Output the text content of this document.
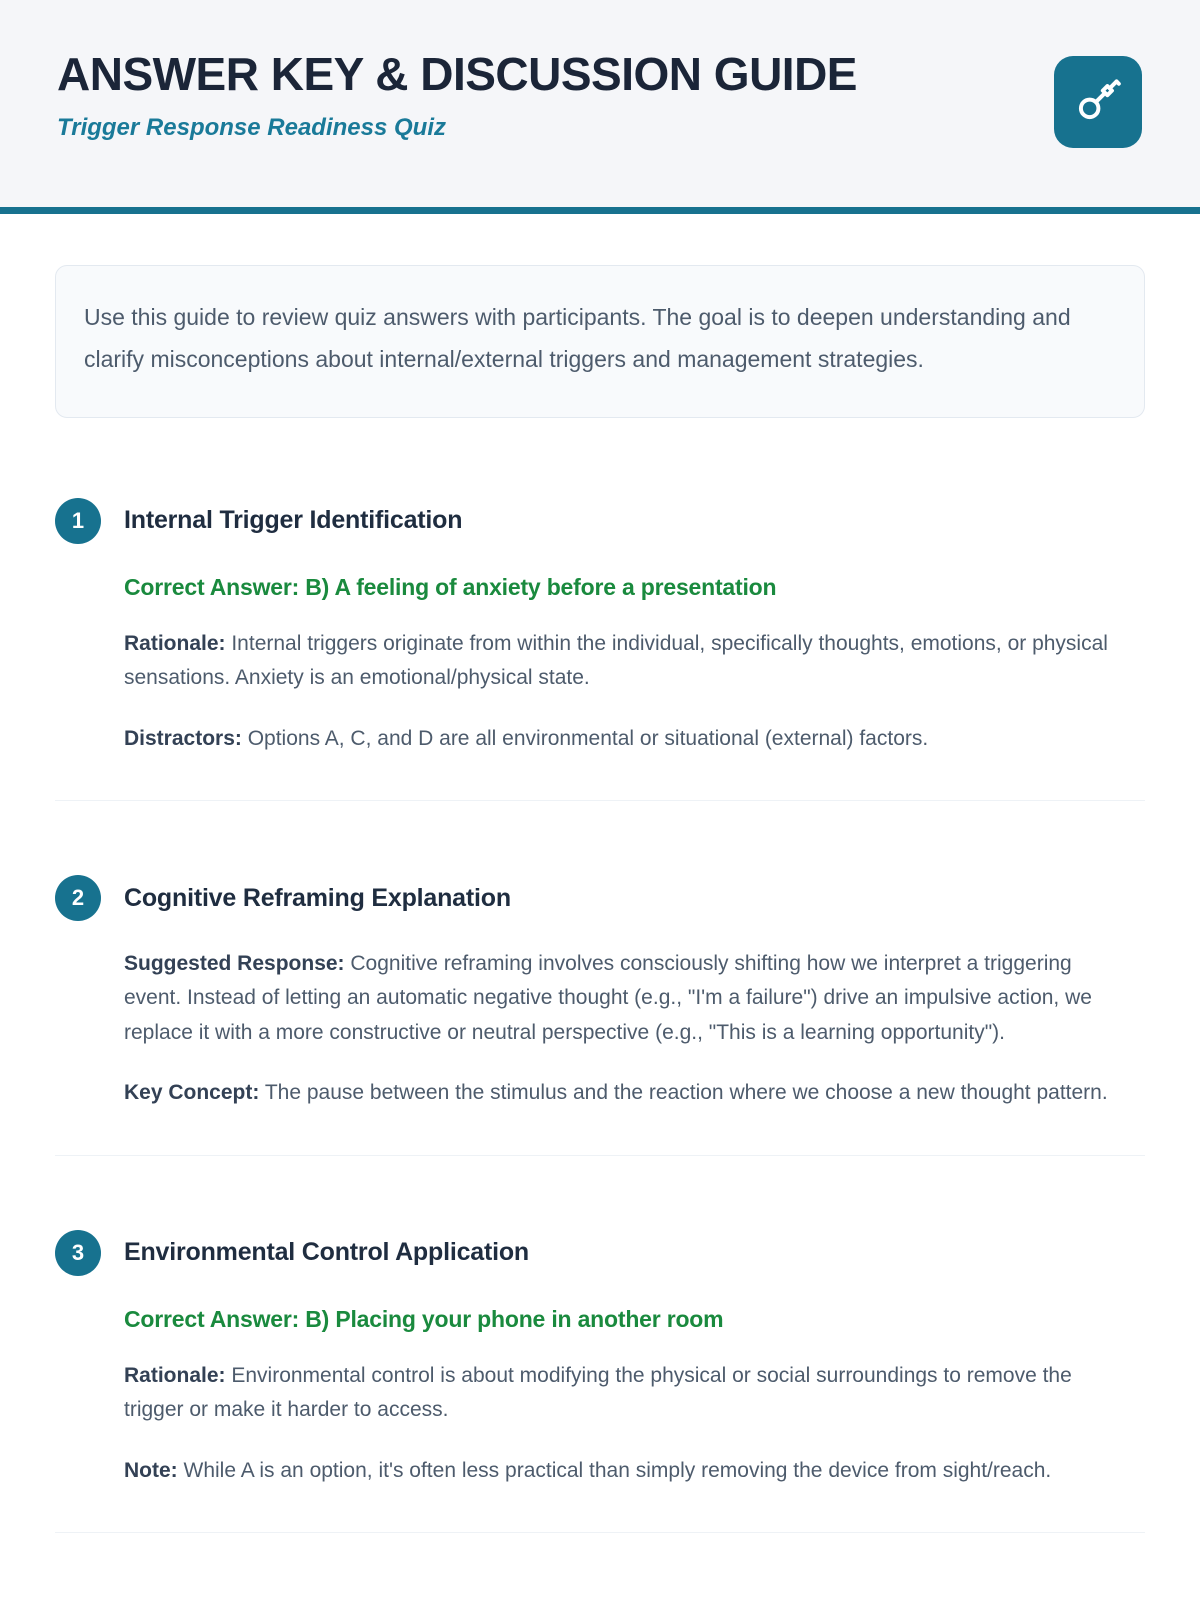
ANSWER KEY & DISCUSSION GUIDE
Trigger Response Readiness Quiz

Use this guide to review quiz answers with participants. The goal is to deepen understanding and clarify misconceptions about internal/external triggers and management strategies.

1 Internal Trigger Identification

Correct Answer: B) A feeling of anxiety before a presentation

Rationale: Internal triggers originate from within the individual, specifically thoughts, emotions, or physical sensations. Anxiety is an emotional/physical state.

Distractors: Options A, C, and D are all environmental or situational (external) factors.

2 Cognitive Reframing Explanation

Suggested Response: Cognitive reframing involves consciously shifting how we interpret a triggering event. Instead of letting an automatic negative thought (e.g., "I'm a failure") drive an impulsive action, we replace it with a more constructive or neutral perspective (e.g., "This is a learning opportunity").

Key Concept: The pause between the stimulus and the reaction where we choose a new thought pattern.

3 Environmental Control Application

Correct Answer: B) Placing your phone in another room

Rationale: Environmental control is about modifying the physical or social surroundings to remove the trigger or make it harder to access.

Note: While A is an option, it's often less practical than simply removing the device from sight/reach.
